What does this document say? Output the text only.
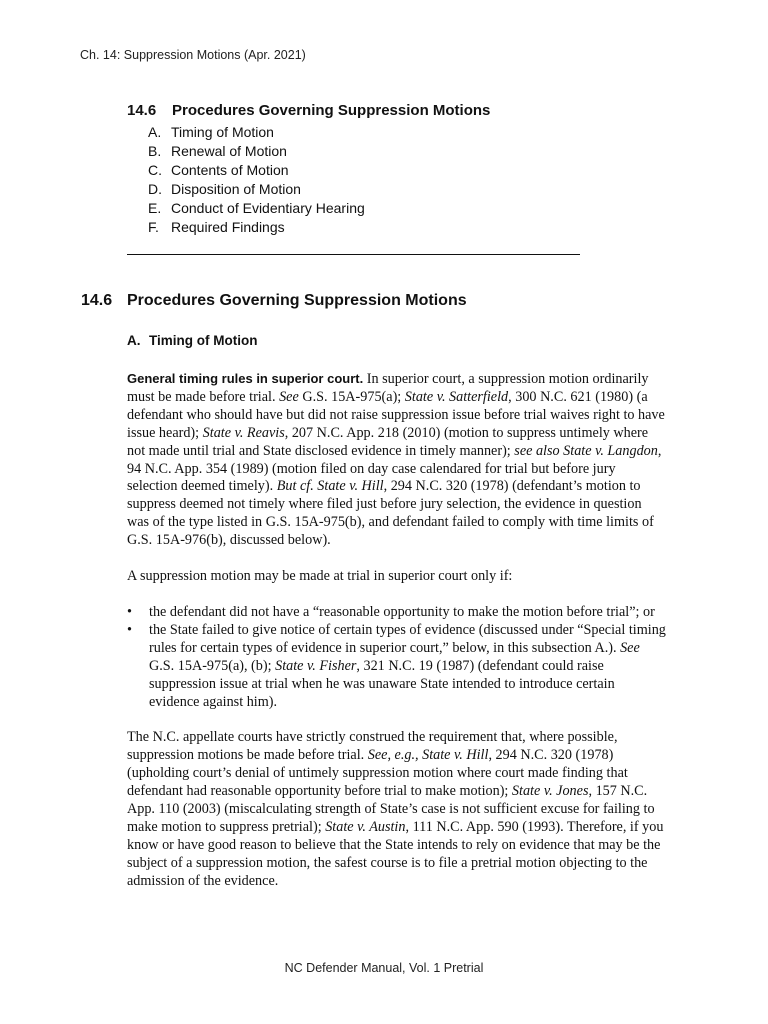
Ch. 14: Suppression Motions (Apr. 2021)
14.6 Procedures Governing Suppression Motions
A. Timing of Motion
B. Renewal of Motion
C. Contents of Motion
D. Disposition of Motion
E. Conduct of Evidentiary Hearing
F. Required Findings
14.6 Procedures Governing Suppression Motions
A. Timing of Motion

General timing rules in superior court. In superior court, a suppression motion ordinarily must be made before trial. See G.S. 15A-975(a); State v. Satterfield, 300 N.C. 621 (1980) (a defendant who should have but did not raise suppression issue before trial waives right to have issue heard); State v. Reavis, 207 N.C. App. 218 (2010) (motion to suppress untimely where not made until trial and State disclosed evidence in timely manner); see also State v. Langdon, 94 N.C. App. 354 (1989) (motion filed on day case calendared for trial but before jury selection deemed timely). But cf. State v. Hill, 294 N.C. 320 (1978) (defendant’s motion to suppress deemed not timely where filed just before jury selection, the evidence in question was of the type listed in G.S. 15A-975(b), and defendant failed to comply with time limits of G.S. 15A-976(b), discussed below).

A suppression motion may be made at trial in superior court only if:

• the defendant did not have a “reasonable opportunity to make the motion before trial”; or
• the State failed to give notice of certain types of evidence (discussed under “Special timing rules for certain types of evidence in superior court,” below, in this subsection A.). See G.S. 15A-975(a), (b); State v. Fisher, 321 N.C. 19 (1987) (defendant could raise suppression issue at trial when he was unaware State intended to introduce certain evidence against him).

The N.C. appellate courts have strictly construed the requirement that, where possible, suppression motions be made before trial. See, e.g., State v. Hill, 294 N.C. 320 (1978) (upholding court’s denial of untimely suppression motion where court made finding that defendant had reasonable opportunity before trial to make motion); State v. Jones, 157 N.C. App. 110 (2003) (miscalculating strength of State’s case is not sufficient excuse for failing to make motion to suppress pretrial); State v. Austin, 111 N.C. App. 590 (1993). Therefore, if you know or have good reason to believe that the State intends to rely on evidence that may be the subject of a suppression motion, the safest course is to file a pretrial motion objecting to the admission of the evidence.

NC Defender Manual, Vol. 1 Pretrial
